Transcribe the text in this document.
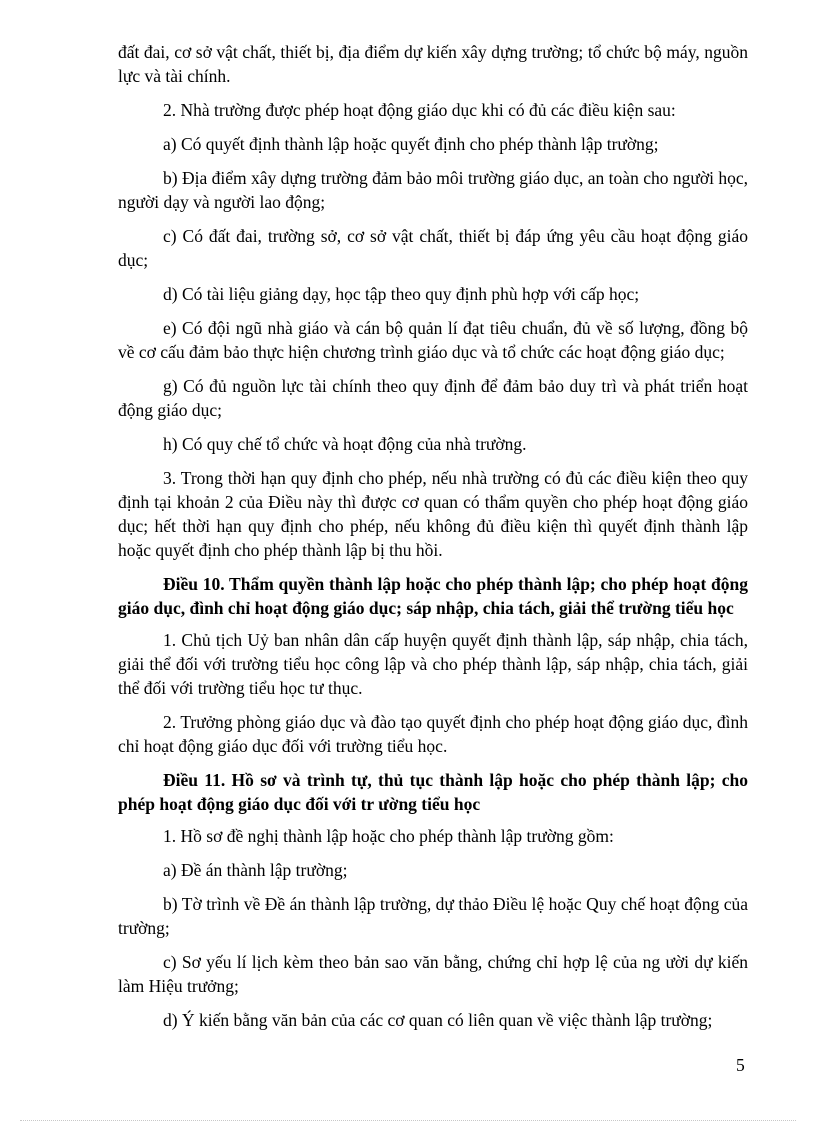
đất đai, cơ sở vật chất, thiết bị, địa điểm dự kiến xây dựng trường; tổ chức bộ máy, nguồn lực và tài chính.

2. Nhà trường được phép hoạt động giáo dục khi có đủ các điều kiện sau:

a) Có quyết định thành lập hoặc quyết định cho phép thành lập trường;

b) Địa điểm xây dựng trường đảm bảo môi trường giáo dục, an toàn cho người học, người dạy và người lao động;

c) Có đất đai, trường sở, cơ sở vật chất, thiết bị đáp ứng yêu cầu hoạt động giáo dục;

d) Có tài liệu giảng dạy, học tập theo quy định phù hợp với cấp học;

e) Có đội ngũ nhà giáo và cán bộ quản lí đạt tiêu chuẩn, đủ về số lượng, đồng bộ về cơ cấu đảm bảo thực hiện chương trình giáo dục và tổ chức các hoạt động giáo dục;

g) Có đủ nguồn lực tài chính theo quy định để đảm bảo duy trì và phát triển hoạt động giáo dục;

h) Có quy chế tổ chức và hoạt động của nhà trường.

3. Trong thời hạn quy định cho phép, nếu nhà trường có đủ các điều kiện theo quy định tại khoản 2 của Điều này thì được cơ quan có thẩm quyền cho phép hoạt động giáo dục; hết thời hạn quy định cho phép, nếu không đủ điều kiện thì quyết định thành lập hoặc quyết định cho phép thành lập bị thu hồi.

Điều 10. Thẩm quyền thành lập hoặc cho phép thành lập; cho phép hoạt động giáo dục, đình chỉ hoạt động giáo dục; sáp nhập, chia tách, giải thể trường tiểu học

1. Chủ tịch Uỷ ban nhân dân cấp huyện quyết định thành lập, sáp nhập, chia tách, giải thể đối với trường tiểu học công lập và cho phép thành lập, sáp nhập, chia tách, giải thể đối với trường tiểu học tư thục.

2. Trưởng phòng giáo dục và đào tạo quyết định cho phép hoạt động giáo dục, đình chỉ hoạt động giáo dục đối với trường tiểu học.

Điều 11. Hồ sơ và trình tự, thủ tục thành lập hoặc cho phép thành lập; cho phép hoạt động giáo dục đối với tr ường tiểu học

1. Hồ sơ đề nghị thành lập hoặc cho phép thành lập trường gồm:

a) Đề án thành lập trường;

b) Tờ trình về Đề án thành lập trường, dự thảo Điều lệ hoặc Quy chế hoạt động của trường;

c) Sơ yếu lí lịch kèm theo bản sao văn bằng, chứng chỉ hợp lệ của ng ười dự kiến làm Hiệu trưởng;

d) Ý kiến bằng văn bản của các cơ quan có liên quan về việc thành lập trường;

5
